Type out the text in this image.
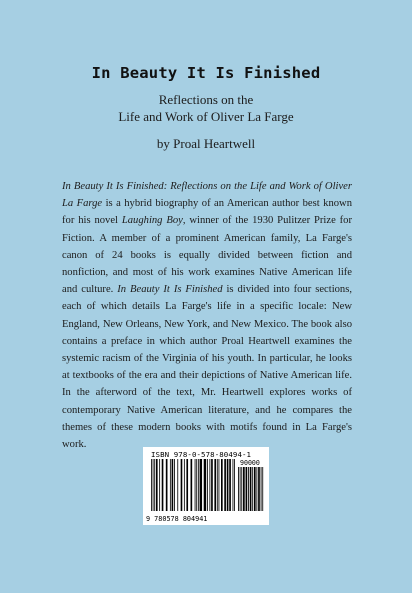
In Beauty It Is Finished
Reflections on the
Life and Work of Oliver La Farge
by Proal Heartwell
In Beauty It Is Finished: Reflections on the Life and Work of Oliver La Farge is a hybrid biography of an American author best known for his novel Laughing Boy, winner of the 1930 Pulitzer Prize for Fiction. A member of a prominent American family, La Farge's canon of 24 books is equally divided between fiction and nonfiction, and most of his work examines Native American life and culture. In Beauty It Is Finished is divided into four sections, each of which details La Farge's life in a specific locale: New England, New Orleans, New York, and New Mexico. The book also contains a preface in which author Proal Heartwell examines the systemic racism of the Virginia of his youth. In particular, he looks at textbooks of the era and their depictions of Native American life. In the afterword of the text, Mr. Heartwell explores works of contemporary Native American literature, and he compares the themes of these modern books with motifs found in La Farge's work.
ISBN 978-0-578-80494-1
90000
9 780578 804941
